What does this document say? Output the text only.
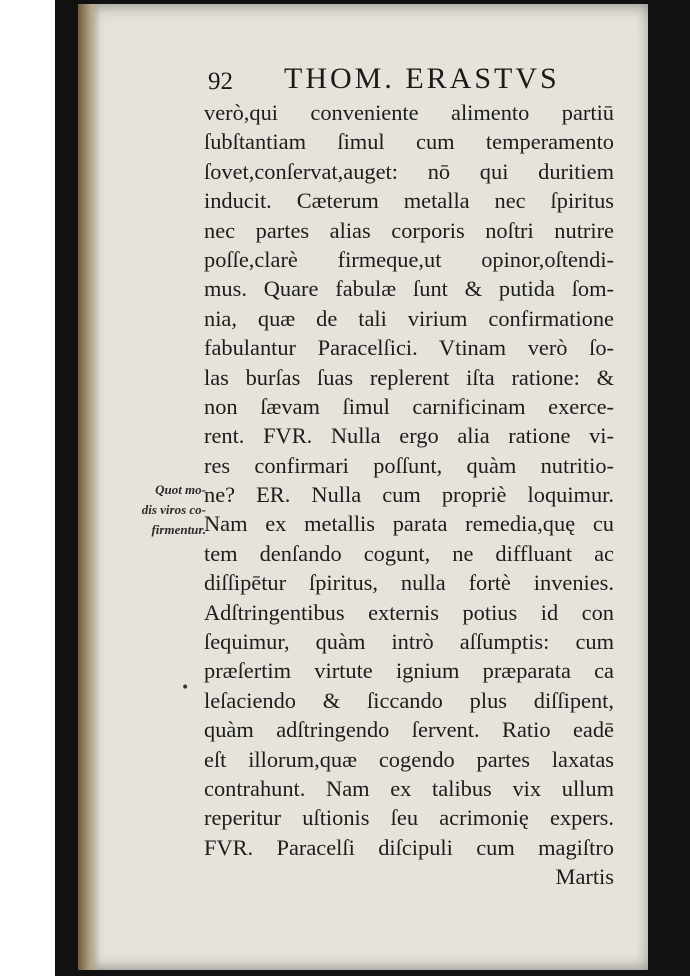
92 THOM. ERASTVS
Quot mo-
dis viros co-
firmentur.
•
verò,qui conveniente alimento partiū
ſubſtantiam ſimul cum temperamento
ſovet,conſervat,auget: nō qui duritiem
inducit. Cæterum metalla nec ſpiritus
nec partes alias corporis noſtri nutrire
poſſe,clarè firmeque,ut opinor,oſtendi-
mus. Quare fabulæ ſunt & putida ſom-
nia, quæ de tali virium confirmatione
fabulantur Paracelſici. Vtinam verò ſo-
las burſas ſuas replerent iſta ratione: &
non ſævam ſimul carnificinam exerce-
rent. FVR. Nulla ergo alia ratione vi-
res confirmari poſſunt, quàm nutritio-
ne? ER. Nulla cum propriè loquimur.
Nam ex metallis parata remedia,quę cu
tem denſando cogunt, ne diffluant ac
diſſipētur ſpiritus, nulla fortè invenies.
Adſtringentibus externis potius id con
ſequimur, quàm intrò aſſumptis: cum
præſertim virtute ignium præparata ca
leſaciendo & ſiccando plus diſſipent,
quàm adſtringendo ſervent. Ratio eadē
eſt illorum,quæ cogendo partes laxatas
contrahunt. Nam ex talibus vix ullum
reperitur uſtionis ſeu acrimonię expers.
FVR. Paracelſi diſcipuli cum magiſtro
Martis
